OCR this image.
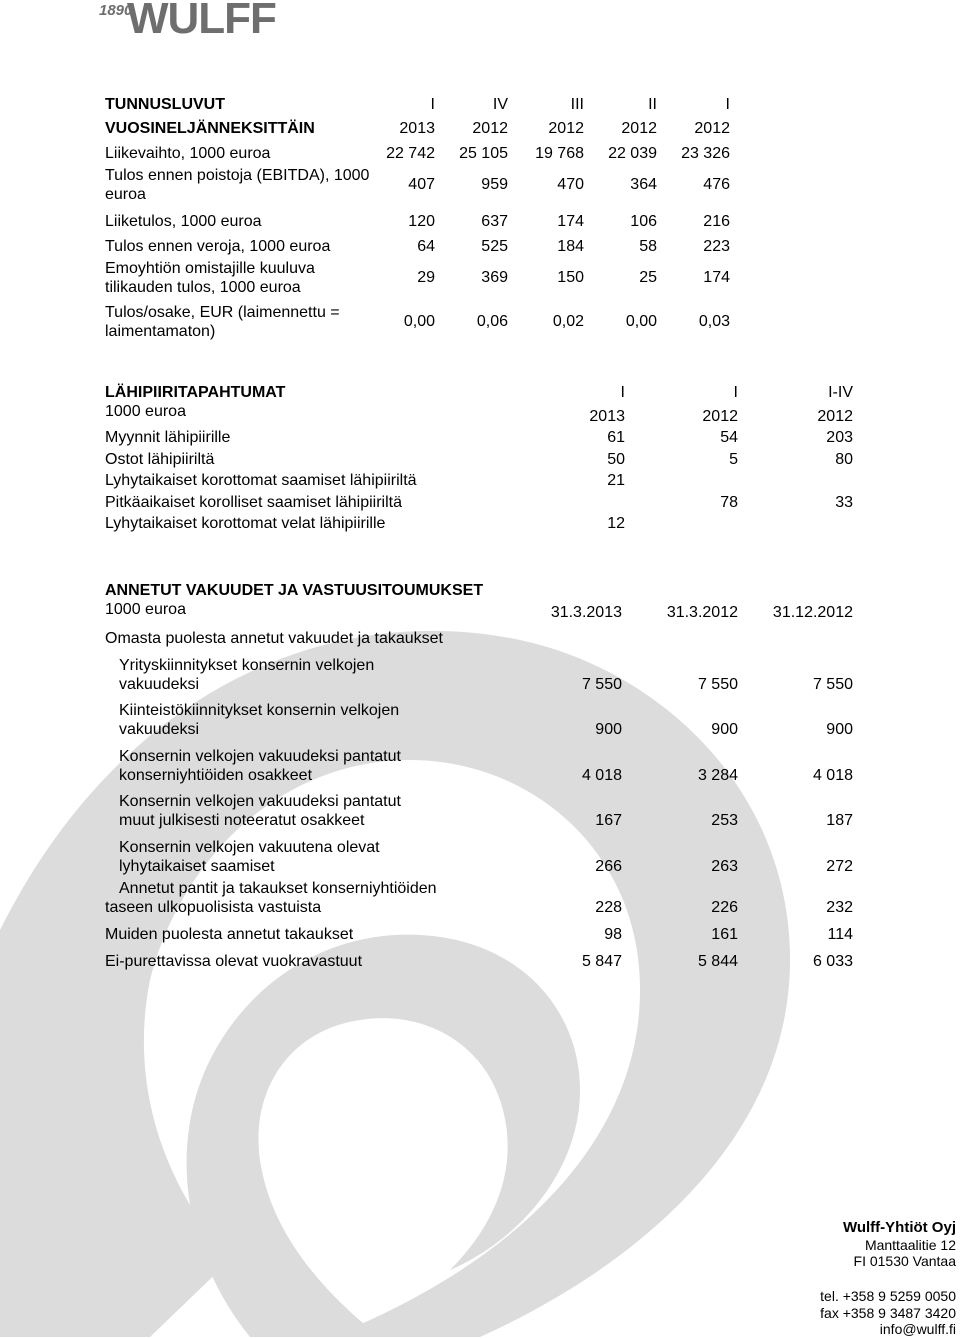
1890
WULFF
TUNNUSLUVUT	I	IV	III	II	I
VUOSINELJÄNNEKSITTÄIN	2013	2012	2012	2012	2012
Liikevaihto, 1000 euroa	22 742	25 105	19 768	22 039	23 326
Tulos ennen poistoja (EBITDA), 1000 euroa	407	959	470	364	476
Liiketulos, 1000 euroa	120	637	174	106	216
Tulos ennen veroja, 1000 euroa	64	525	184	58	223
Emoyhtiön omistajille kuuluva tilikauden tulos, 1000 euroa	29	369	150	25	174
Tulos/osake, EUR (laimennettu = laimentamaton)	0,00	0,06	0,02	0,00	0,03
LÄHIPIIRITAPAHTUMAT	I	I	I-IV
1000 euroa	2013	2012	2012
Myynnit lähipiirille	61	54	203
Ostot lähipiiriltä	50	5	80
Lyhytaikaiset korottomat saamiset lähipiiriltä	21		
Pitkäaikaiset korolliset saamiset lähipiiriltä		78	33
Lyhytaikaiset korottomat velat lähipiirille	12		
ANNETUT VAKUUDET JA VASTUUSITOUMUKSET			
1000 euroa	31.3.2013	31.3.2012	31.12.2012
Omasta puolesta annetut vakuudet ja takaukset			

Yrityskiinnitykset konsernin velkojen
vakuudeksi	7 550	7 550	7 550

Kiinteistökiinnitykset konsernin velkojen
vakuudeksi	900	900	900

Konsernin velkojen vakuudeksi pantatut
konserniyhtiöiden osakkeet	4 018	3 284	4 018

Konsernin velkojen vakuudeksi pantatut
muut julkisesti noteeratut osakkeet	167	253	187

Konsernin velkojen vakuutena olevat
lyhytaikaiset saamiset	266	263	272

Annetut pantit ja takaukset konserniyhtiöiden
taseen ulkopuolisista vastuista	228	226	232
Muiden puolesta annetut takaukset	98	161	114
Ei-purettavissa olevat vuokravastuut	5 847	5 844	6 033
Wulff-Yhtiöt Oyj
Manttaalitie 12
FI 01530 Vantaa
tel. +358 9 5259 0050
fax +358 9 3487 3420
info@wulff.fi
